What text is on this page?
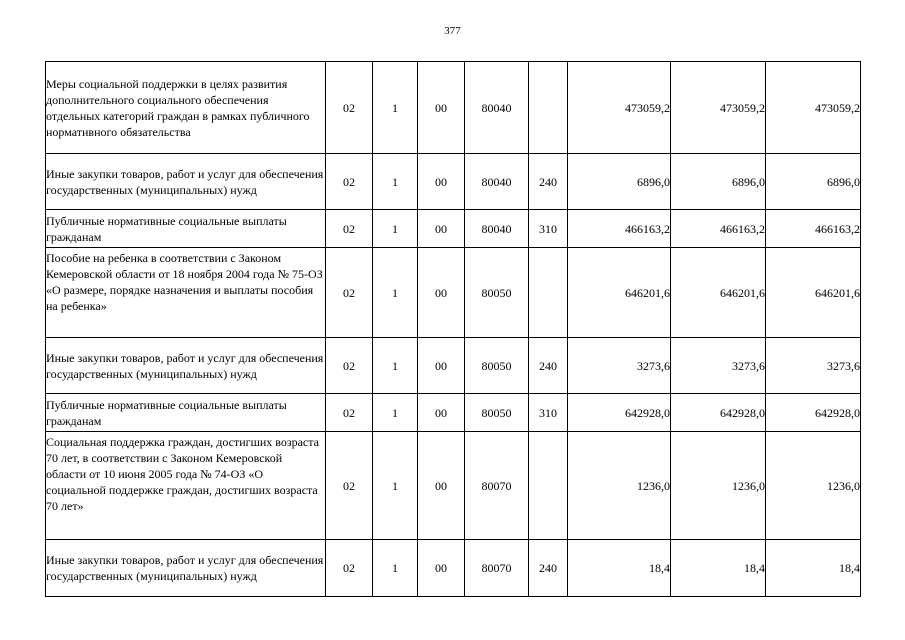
377
Меры социальной поддержки в целях развития дополнительного социального обеспечения отдельных категорий граждан в рамках публичного нормативного обязательства	02	1	00	80040		473059,2	473059,2	473059,2
Иные закупки товаров, работ и услуг для обеспечения государственных (муниципальных) нужд	02	1	00	80040	240	6896,0	6896,0	6896,0
Публичные нормативные социальные выплаты гражданам	02	1	00	80040	310	466163,2	466163,2	466163,2
Пособие на ребенка в соответствии с Законом Кемеровской области от 18 ноября 2004 года № 75-ОЗ «О размере, порядке назначения и выплаты пособия на ребенка»	02	1	00	80050		646201,6	646201,6	646201,6
Иные закупки товаров, работ и услуг для обеспечения государственных (муниципальных) нужд	02	1	00	80050	240	3273,6	3273,6	3273,6
Публичные нормативные социальные выплаты гражданам	02	1	00	80050	310	642928,0	642928,0	642928,0
Социальная поддержка граждан, достигших возраста 70 лет, в соответствии с Законом Кемеровской области от 10 июня 2005 года № 74-ОЗ «О социальной поддержке граждан, достигших возраста 70 лет»	02	1	00	80070		1236,0	1236,0	1236,0
Иные закупки товаров, работ и услуг для обеспечения государственных (муниципальных) нужд	02	1	00	80070	240	18,4	18,4	18,4
